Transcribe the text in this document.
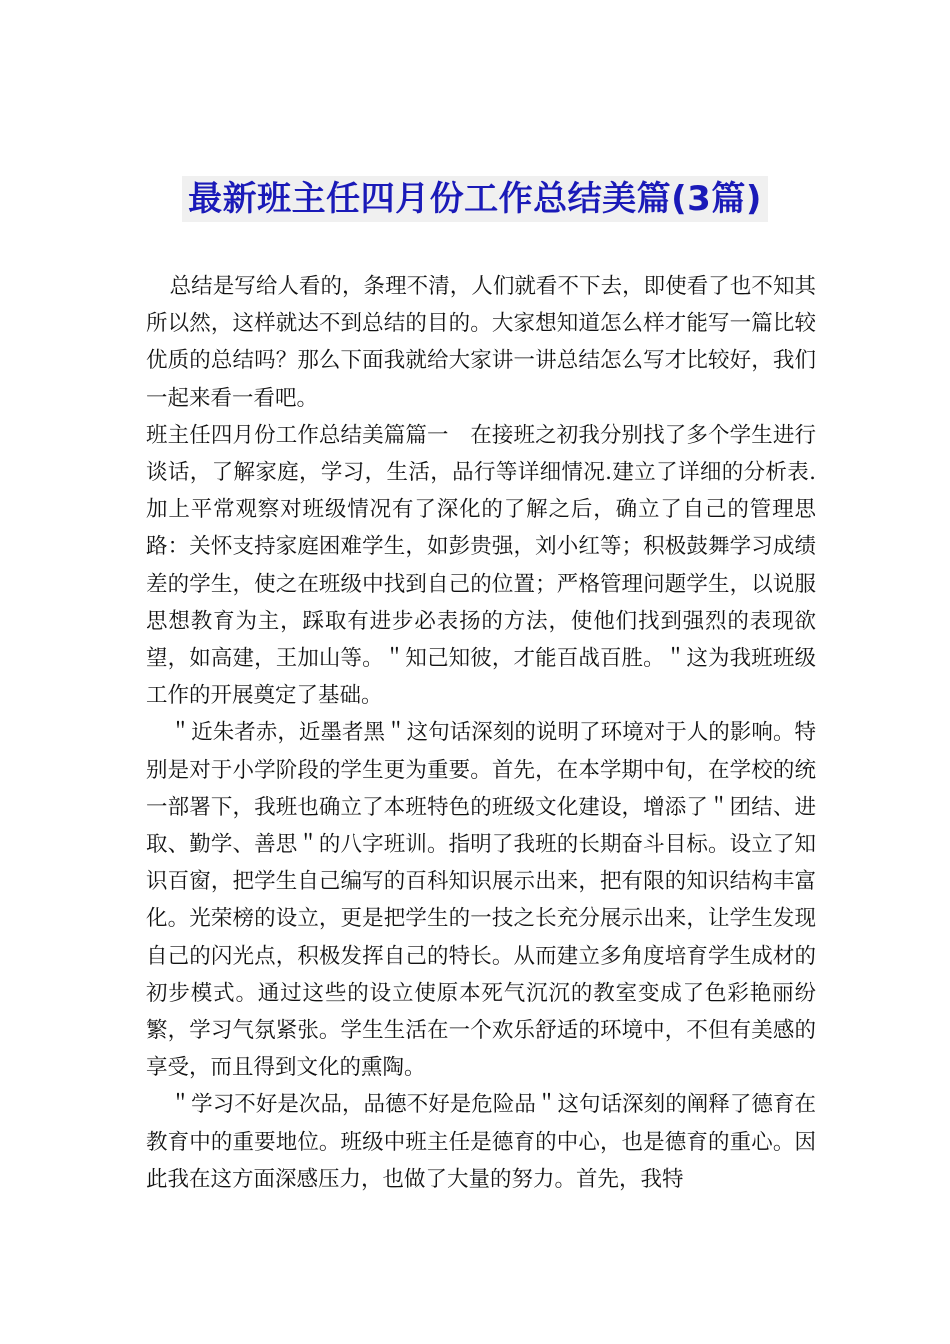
最新班主任四月份工作总结美篇(3篇)

总结是写给人看的，条理不清，人们就看不下去，即使看了也不知其所以然，这样就达不到总结的目的。大家想知道怎么样才能写一篇比较优质的总结吗？那么下面我就给大家讲一讲总结怎么写才比较好，我们一起来看一看吧。

班主任四月份工作总结美篇篇一　在接班之初我分别找了多个学生进行谈话，了解家庭，学习，生活，品行等详细情况.建立了详细的分析表.加上平常观察对班级情况有了深化的了解之后，确立了自己的管理思路：关怀支持家庭困难学生，如彭贵强，刘小红等；积极鼓舞学习成绩差的学生，使之在班级中找到自己的位置；严格管理问题学生，以说服思想教育为主，踩取有进步必表扬的方法，使他们找到强烈的表现欲望，如高建，王加山等。＂知己知彼，才能百战百胜。＂这为我班班级工作的开展奠定了基础。

＂近朱者赤，近墨者黑＂这句话深刻的说明了环境对于人的影响。特别是对于小学阶段的学生更为重要。首先，在本学期中旬，在学校的统一部署下，我班也确立了本班特色的班级文化建设，增添了＂团结、进取、勤学、善思＂的八字班训。指明了我班的长期奋斗目标。设立了知识百窗，把学生自己编写的百科知识展示出来，把有限的知识结构丰富化。光荣榜的设立，更是把学生的一技之长充分展示出来，让学生发现自己的闪光点，积极发挥自己的特长。从而建立多角度培育学生成材的初步模式。通过这些的设立使原本死气沉沉的教室变成了色彩艳丽纷繁，学习气氛紧张。学生生活在一个欢乐舒适的环境中，不但有美感的享受，而且得到文化的熏陶。

＂学习不好是次品，品德不好是危险品＂这句话深刻的阐释了德育在教育中的重要地位。班级中班主任是德育的中心，也是德育的重心。因此我在这方面深感压力，也做了大量的努力。首先，我特
